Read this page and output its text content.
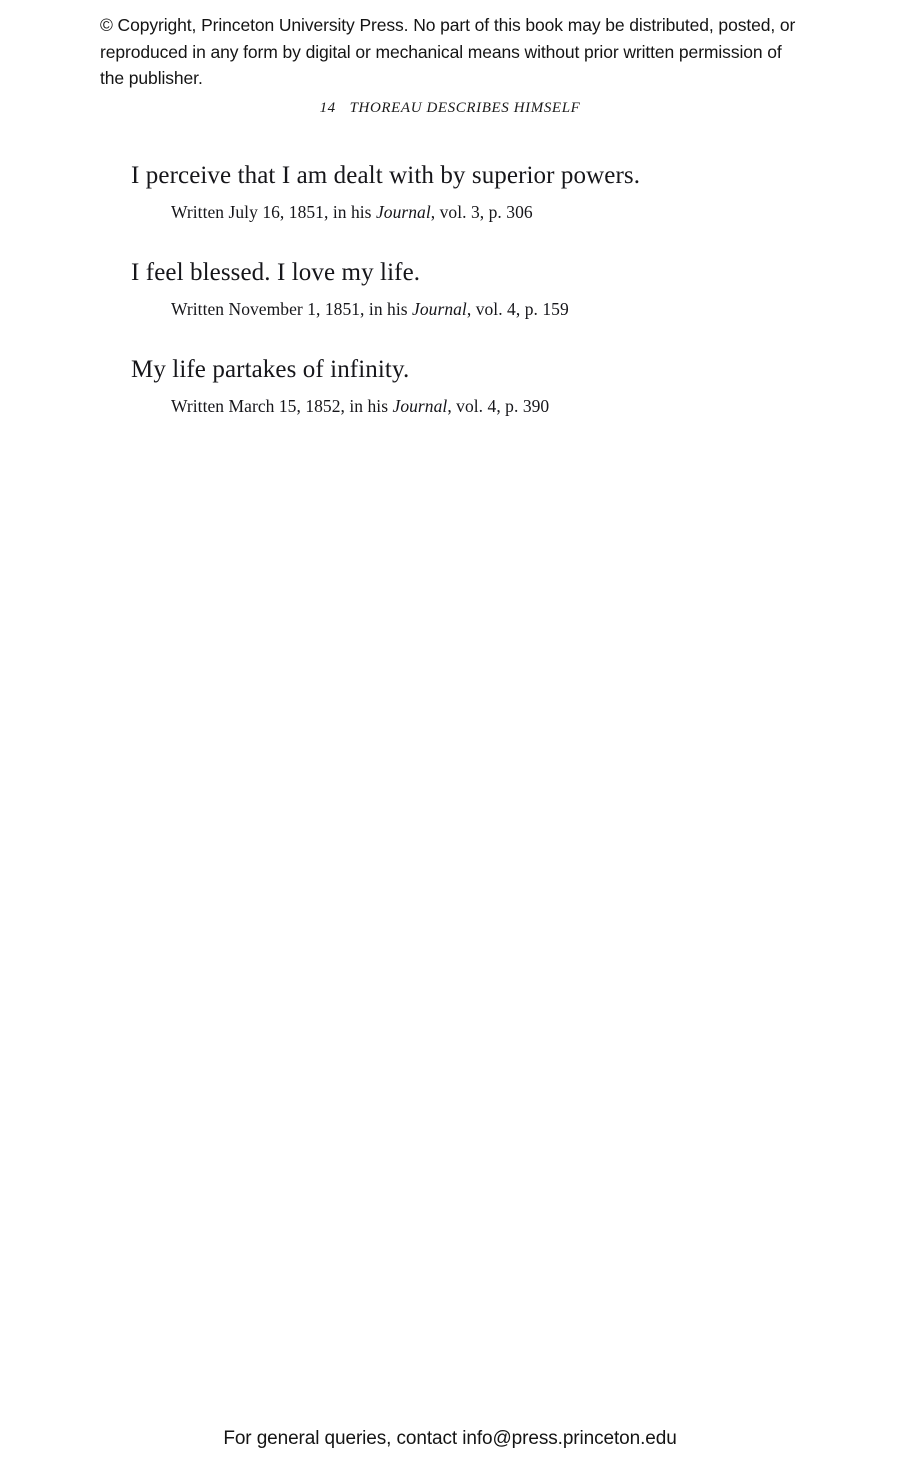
© Copyright, Princeton University Press. No part of this book may be distributed, posted, or reproduced in any form by digital or mechanical means without prior written permission of the publisher.
14 THOREAU DESCRIBES HIMSELF
I perceive that I am dealt with by superior powers.
Written July 16, 1851, in his Journal, vol. 3, p. 306
I feel blessed. I love my life.
Written November 1, 1851, in his Journal, vol. 4, p. 159
My life partakes of infinity.
Written March 15, 1852, in his Journal, vol. 4, p. 390
For general queries, contact info@press.princeton.edu
